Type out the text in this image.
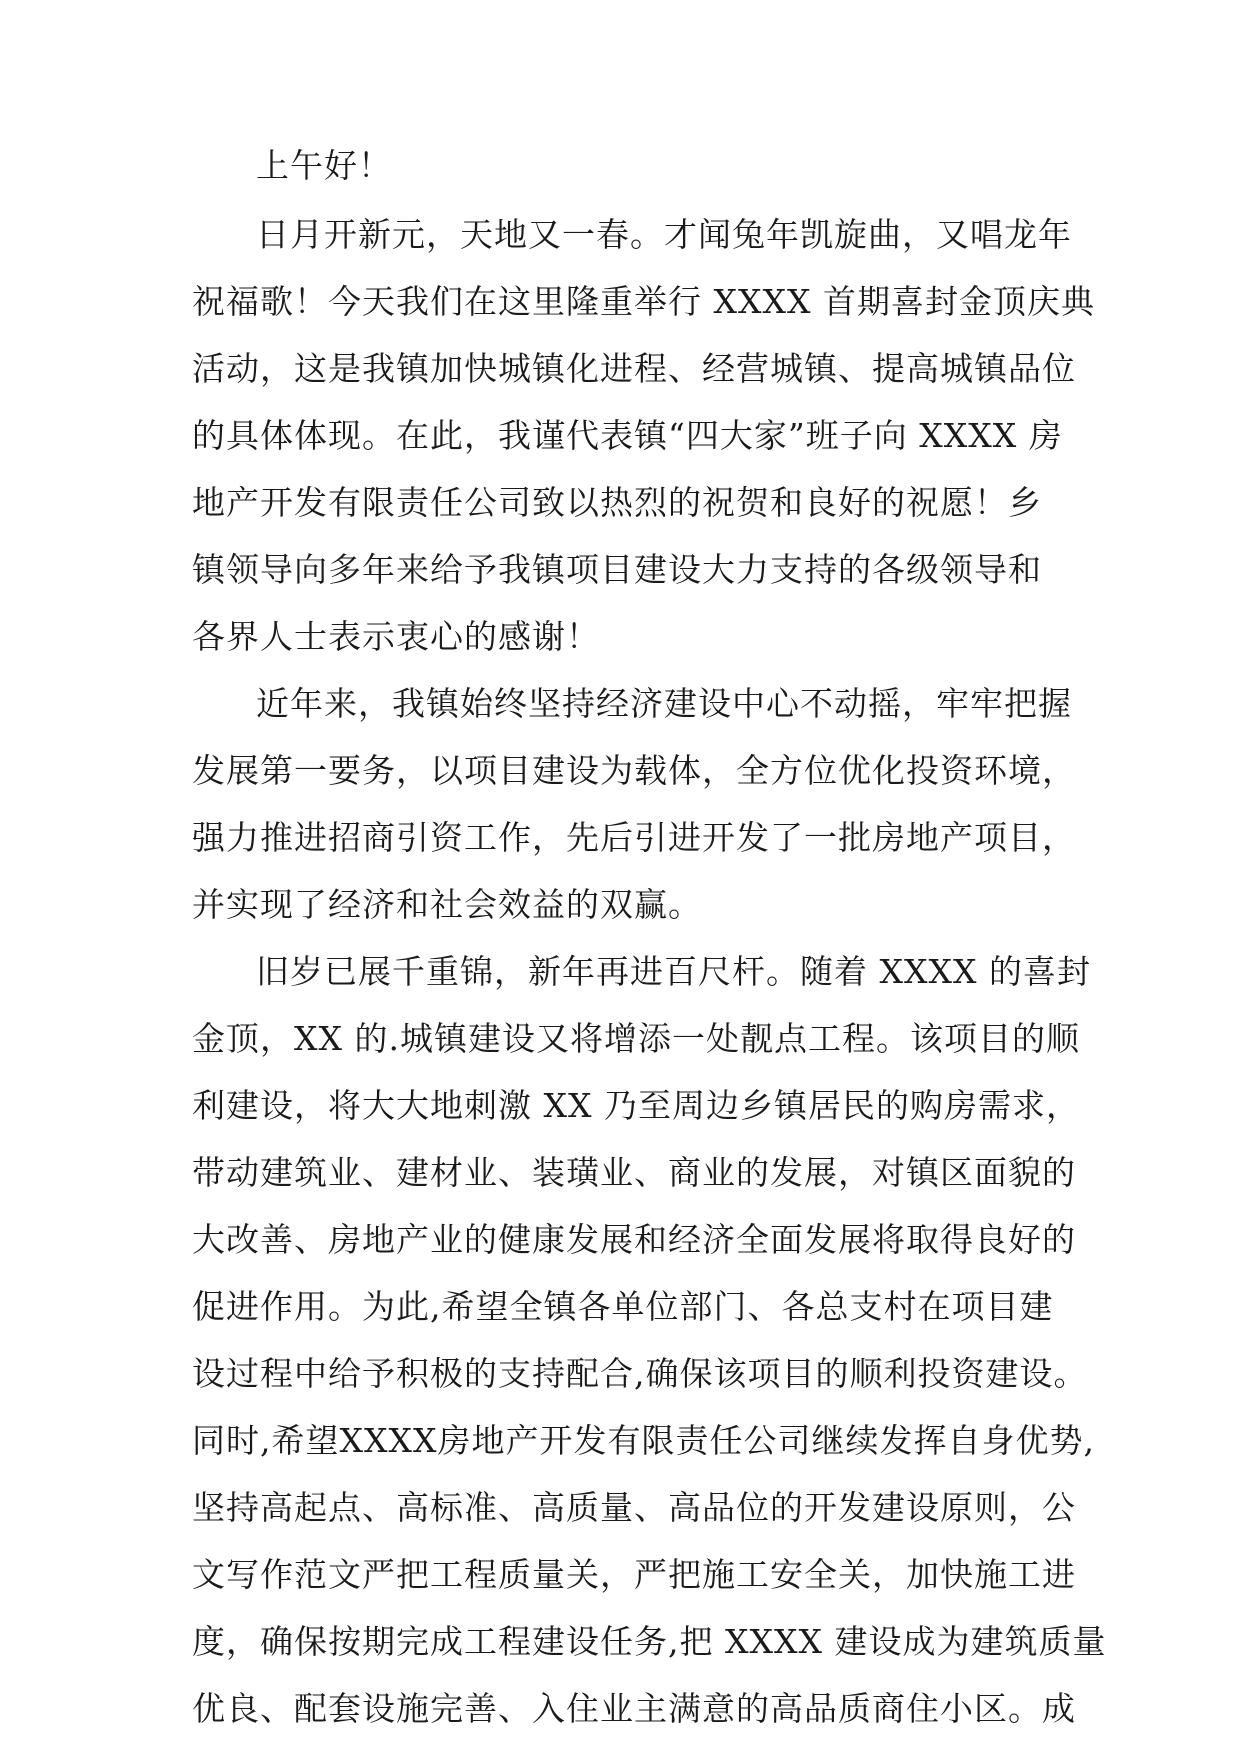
上午好！
日月开新元，天地又一春。才闻兔年凯旋曲，又唱龙年
祝福歌！今天我们在这里隆重举行 XXXX 首期喜封金顶庆典
活动，这是我镇加快城镇化进程、经营城镇、提高城镇品位
的具体体现。在此，我谨代表镇“四大家”班子向 XXXX 房
地产开发有限责任公司致以热烈的祝贺和良好的祝愿！乡
镇领导向多年来给予我镇项目建设大力支持的各级领导和
各界人士表示衷心的感谢！
近年来，我镇始终坚持经济建设中心不动摇，牢牢把握
发展第一要务，以项目建设为载体，全方位优化投资环境，
强力推进招商引资工作，先后引进开发了一批房地产项目，
并实现了经济和社会效益的双赢。
旧岁已展千重锦，新年再进百尺杆。随着 XXXX 的喜封
金顶，XX 的.城镇建设又将增添一处靓点工程。该项目的顺
利建设，将大大地刺激 XX 乃至周边乡镇居民的购房需求，
带动建筑业、建材业、装璜业、商业的发展，对镇区面貌的
大改善、房地产业的健康发展和经济全面发展将取得良好的
促进作用。为此,希望全镇各单位部门、各总支村在项目建
设过程中给予积极的支持配合,确保该项目的顺利投资建设。
同时,希望XXXX房地产开发有限责任公司继续发挥自身优势,
坚持高起点、高标准、高质量、高品位的开发建设原则，公
文写作范文严把工程质量关，严把施工安全关，加快施工进
度，确保按期完成工程建设任务,把 XXXX 建设成为建筑质量
优良、配套设施完善、入住业主满意的高品质商住小区。成
